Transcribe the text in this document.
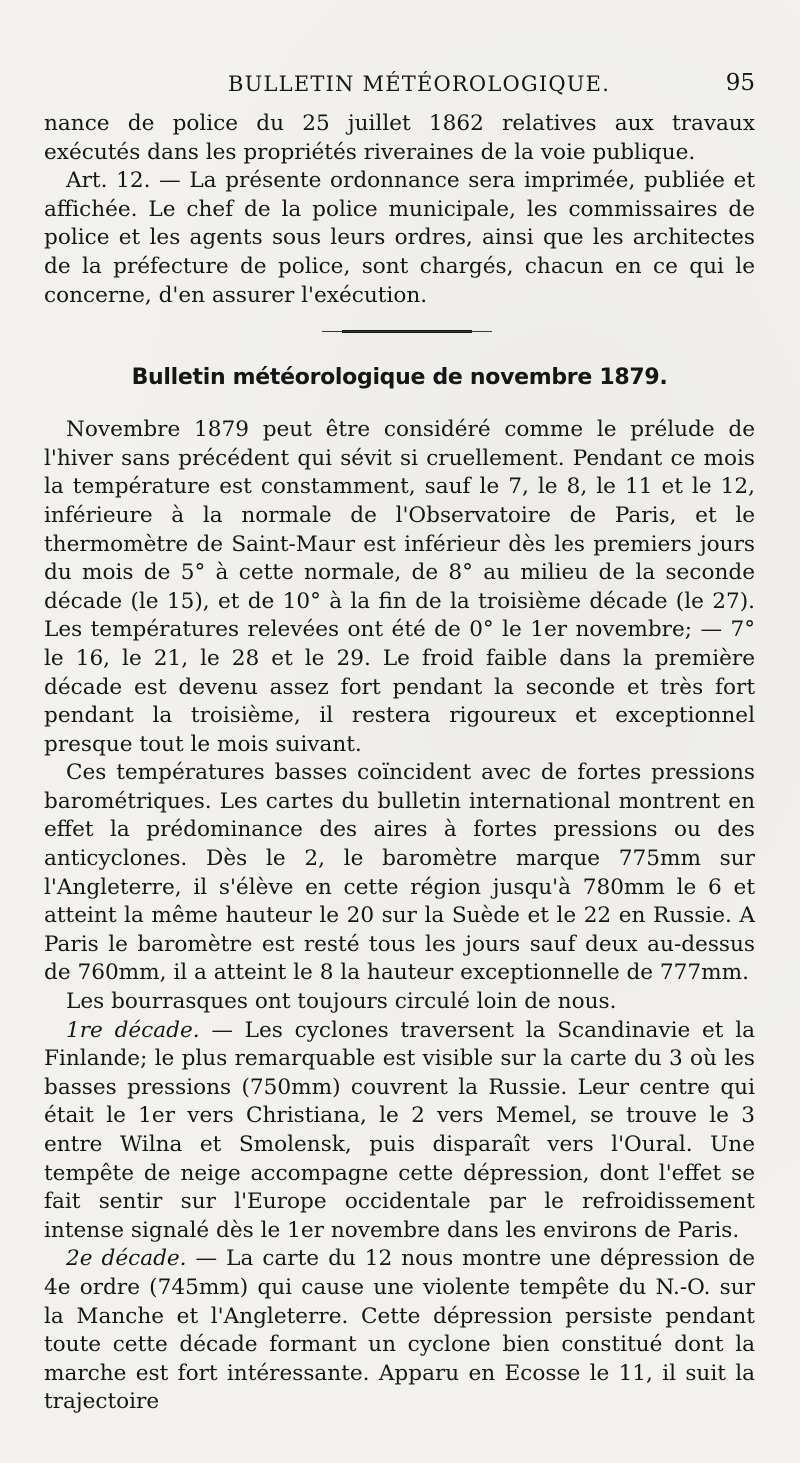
BULLETIN MÉTÉOROLOGIQUE.	95

nance de police du 25 juillet 1862 relatives aux travaux exécutés dans les propriétés riveraines de la voie publique.

Art. 12. — La présente ordonnance sera imprimée, publiée et affichée. Le chef de la police municipale, les commissaires de police et les agents sous leurs ordres, ainsi que les architectes de la préfecture de police, sont chargés, chacun en ce qui le concerne, d'en assurer l'exécution.

Bulletin météorologique de novembre 1879.

Novembre 1879 peut être considéré comme le prélude de l'hiver sans précédent qui sévit si cruellement. Pendant ce mois la température est constamment, sauf le 7, le 8, le 11 et le 12, inférieure à la normale de l'Observatoire de Paris, et le thermomètre de Saint-Maur est inférieur dès les premiers jours du mois de 5° à cette normale, de 8° au milieu de la seconde décade (le 15), et de 10° à la fin de la troisième décade (le 27). Les températures relevées ont été de 0° le 1er novembre; — 7° le 16, le 21, le 28 et le 29. Le froid faible dans la première décade est devenu assez fort pendant la seconde et très fort pendant la troisième, il restera rigoureux et exceptionnel presque tout le mois suivant.

Ces températures basses coïncident avec de fortes pressions barométriques. Les cartes du bulletin international montrent en effet la prédominance des aires à fortes pressions ou des anticyclones. Dès le 2, le baromètre marque 775mm sur l'Angleterre, il s'élève en cette région jusqu'à 780mm le 6 et atteint la même hauteur le 20 sur la Suède et le 22 en Russie. A Paris le baromètre est resté tous les jours sauf deux au-dessus de 760mm, il a atteint le 8 la hauteur exceptionnelle de 777mm.

Les bourrasques ont toujours circulé loin de nous.

1re décade. — Les cyclones traversent la Scandinavie et la Finlande; le plus remarquable est visible sur la carte du 3 où les basses pressions (750mm) couvrent la Russie. Leur centre qui était le 1er vers Christiana, le 2 vers Memel, se trouve le 3 entre Wilna et Smolensk, puis disparaît vers l'Oural. Une tempête de neige accompagne cette dépression, dont l'effet se fait sentir sur l'Europe occidentale par le refroidissement intense signalé dès le 1er novembre dans les environs de Paris.

2e décade. — La carte du 12 nous montre une dépression de 4e ordre (745mm) qui cause une violente tempête du N.-O. sur la Manche et l'Angleterre. Cette dépression persiste pendant toute cette décade formant un cyclone bien constitué dont la marche est fort intéressante. Apparu en Ecosse le 11, il suit la trajectoire
